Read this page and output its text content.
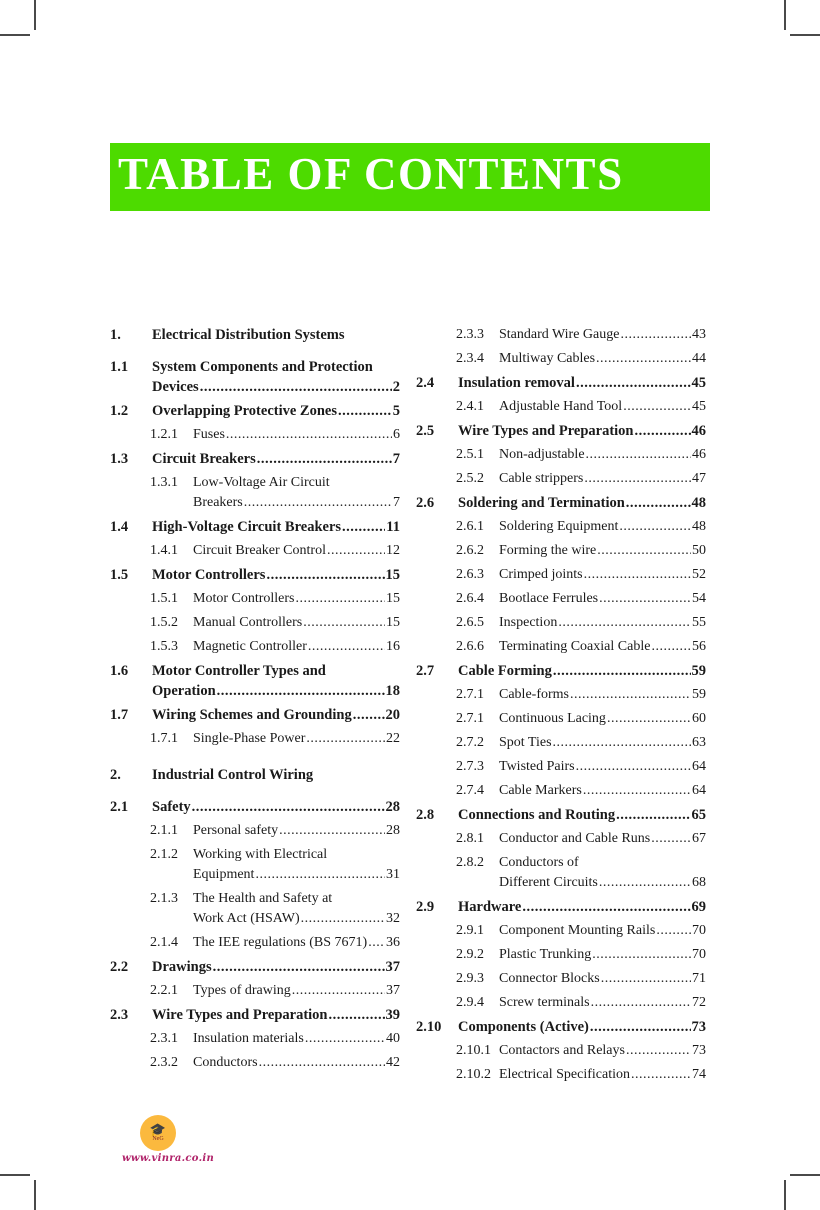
TABLE OF CONTENTS
1. Electrical Distribution Systems
1.1 System Components and Protection
Devices .....	2
1.2 Overlapping Protective Zones .....	5
1.2.1 Fuses .....	6
1.3 Circuit Breakers .....	7
1.3.1 Low-Voltage Air Circuit
Breakers .....	7
1.4 High-Voltage Circuit Breakers .....	11
1.4.1 Circuit Breaker Control .....	12
1.5 Motor Controllers .....	15
1.5.1 Motor Controllers .....	15
1.5.2 Manual Controllers .....	15
1.5.3 Magnetic Controller .....	16
1.6 Motor Controller Types and
Operation .....	18
1.7 Wiring Schemes and Grounding ..... 20
1.7.1 Single-Phase Power .....	22
2. Industrial Control Wiring
2.1 Safety .....	28
2.1.1 Personal safety .....	28
2.1.2 Working with Electrical
Equipment .....	31
2.1.3 The Health and Safety at
Work Act (HSAW) .....	32
2.1.4 The IEE regulations (BS 7671) ..... 36
2.2 Drawings .....	37
2.2.1 Types of drawing .....	37
2.3 Wire Types and Preparation .....	39
2.3.1 Insulation materials .....	40
2.3.2 Conductors .....	42
2.3.3 Standard Wire Gauge .....	43
2.3.4 Multiway Cables .....	44
2.4 Insulation removal .....	45
2.4.1 Adjustable Hand Tool .....	45
2.5 Wire Types and Preparation .....	46
2.5.1 Non-adjustable .....	46
2.5.2 Cable strippers .....	47
2.6 Soldering and Termination .....	48
2.6.1 Soldering Equipment .....	48
2.6.2 Forming the wire .....	50
2.6.3 Crimped joints .....	52
2.6.4 Bootlace Ferrules .....	54
2.6.5 Inspection .....	55
2.6.6 Terminating Coaxial Cable .....	56
2.7 Cable Forming .....	59
2.7.1 Cable-forms .....	59
2.7.1 Continuous Lacing .....	60
2.7.2 Spot Ties .....	63
2.7.3 Twisted Pairs .....	64
2.7.4 Cable Markers .....	64
2.8 Connections and Routing .....	65
2.8.1 Conductor and Cable Runs .....	67
2.8.2 Conductors of
Different Circuits .....	68
2.9 Hardware .....	69
2.9.1 Component Mounting Rails .....	70
2.9.2 Plastic Trunking .....	70
2.9.3 Connector Blocks .....	71
2.9.4 Screw terminals .....	72
2.10 Components (Active) .....	73
2.10.1 Contactors and Relays .....	73
2.10.2 Electrical Specification .....	74
🎓
NeG
www.vinra.co.in
